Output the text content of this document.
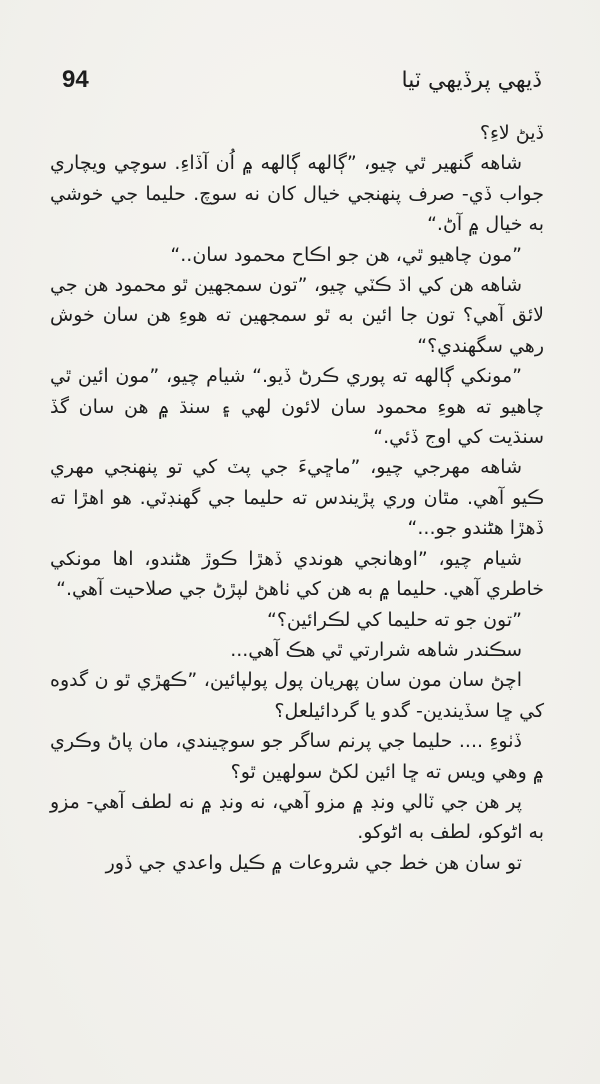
ڏيهي پرڏيهي ٽيا
94

ڏيڻ لاءِ؟

شاهه گنهير ٿي چيو، ”ڳالهه ڳالهه ۾ اُن آڏاءِ. سوچي ويچاري جواب ڏي- صرف پنهنجي خيال کان نه سوچ. حليما جي خوشي به خيال ۾ آڻ.“

”مون چاهيو ٿي، هن جو اڪاح محمود سان..“

شاهه هن کي اڌ ڪٽي چيو، ”تون سمجهين ٿو محمود هن جي لائق آهي؟ تون جا ائين به ٿو سمجهين ته هوءِ هن سان خوش رهي سگهندي؟“

”مونکي ڳالهه ته پوري ڪرڻ ڏيو.“ شيام چيو، ”مون ائين ٿي چاهيو ته هوءِ محمود سان لائون لهي ۽ سنڌ ۾ هن سان گڏ سنڌيت کي اوج ڏئي.“

شاهه مهرجي چيو، ”ماڇيءَ جي پٽ کي تو پنهنجي مهري ڪيو آهي. مٿان وري پڙيندس ته حليما جي گهنڊٽي. هو اهڙا ته ڏهڙا هڻندو جو...“

شيام چيو، ”اوهانجي هوندي ڏهڙا ڪوڙ هڻندو، اها مونکي خاطري آهي. حليما ۾ به هن کي ٺاهڻ لپڙڻ جي صلاحيت آهي.“

”تون جو ته حليما کي لڪرائين؟“

سڪندر شاهه شرارتي ٿي هڪ آهي...

اچڻ سان مون سان پهريان پول پولپائين، ”ڪهڙي ٿو ن گدوه کي ڇا سڏيندين- گدو يا گردائيلعل؟

ڏٺوءِ .... حليما جي پرنم ساگر جو سوچيندي، مان پاڻ وڪري ۾ وهي ويس ته ڇا ائين لکڻ سولهين ٿو؟

پر هن جي ٽالي ونڊ ۾ مزو آهي، نه ونڊ ۾ نه لطف آهي- مزو به اڻوکو، لطف به اڻوکو.

تو سان هن خط جي شروعات ۾ ڪيل واعدي جي ڏور
